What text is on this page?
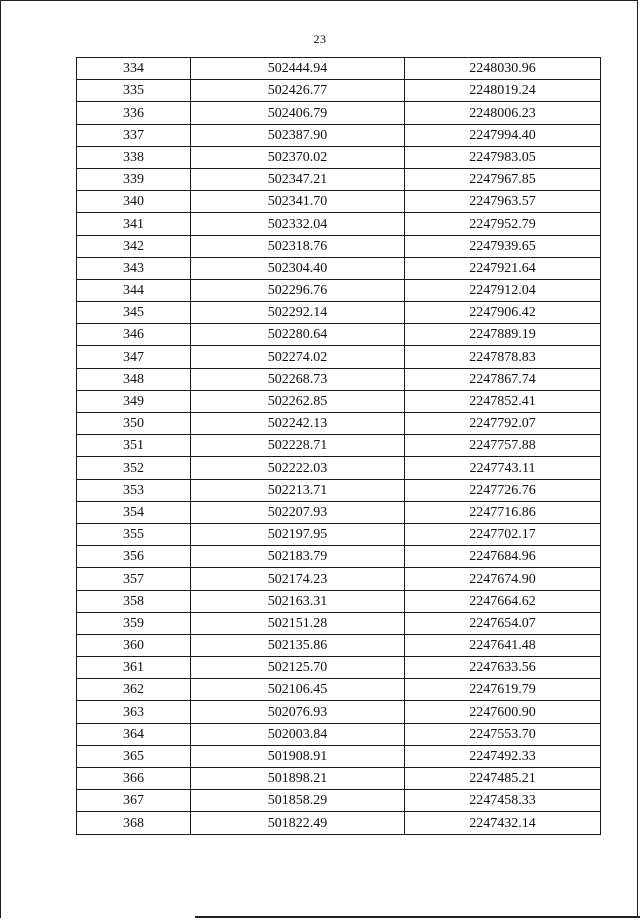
23
334	502444.94	2248030.96
335	502426.77	2248019.24
336	502406.79	2248006.23
337	502387.90	2247994.40
338	502370.02	2247983.05
339	502347.21	2247967.85
340	502341.70	2247963.57
341	502332.04	2247952.79
342	502318.76	2247939.65
343	502304.40	2247921.64
344	502296.76	2247912.04
345	502292.14	2247906.42
346	502280.64	2247889.19
347	502274.02	2247878.83
348	502268.73	2247867.74
349	502262.85	2247852.41
350	502242.13	2247792.07
351	502228.71	2247757.88
352	502222.03	2247743.11
353	502213.71	2247726.76
354	502207.93	2247716.86
355	502197.95	2247702.17
356	502183.79	2247684.96
357	502174.23	2247674.90
358	502163.31	2247664.62
359	502151.28	2247654.07
360	502135.86	2247641.48
361	502125.70	2247633.56
362	502106.45	2247619.79
363	502076.93	2247600.90
364	502003.84	2247553.70
365	501908.91	2247492.33
366	501898.21	2247485.21
367	501858.29	2247458.33
368	501822.49	2247432.14
